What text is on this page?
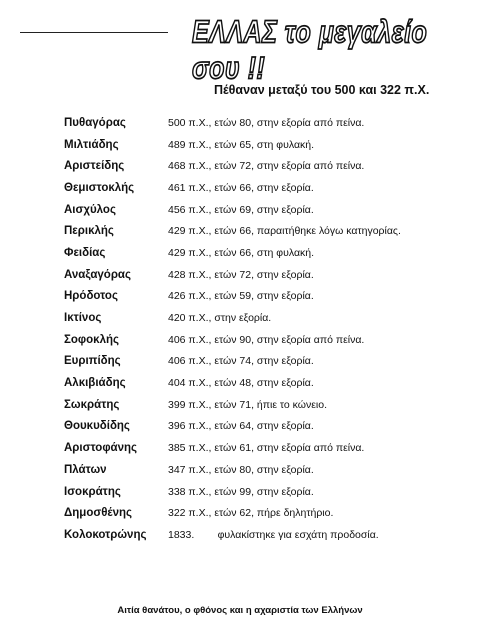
ΕΛΛΑΣ το μεγαλείο σου !!
Πέθαναν μεταξύ του 500 και 322 π.Χ.
Πυθαγόρας	500 π.Χ., ετών 80, στην εξορία από πείνα.
Μιλτιάδης	489 π.Χ., ετών 65, στη φυλακή.
Αριστείδης	468 π.Χ., ετών 72, στην εξορία από πείνα.
Θεμιστοκλής	461 π.Χ., ετών 66, στην εξορία.
Αισχύλος	456 π.Χ., ετών 69, στην εξορία.
Περικλής	429 π.Χ., ετών 66, παραιτήθηκε λόγω κατηγορίας.
Φειδίας	429 π.Χ., ετών 66, στη φυλακή.
Αναξαγόρας	428 π.Χ., ετών 72, στην εξορία.
Ηρόδοτος	426 π.Χ., ετών 59, στην εξορία.
Ικτίνος	420 π.Χ., στην εξορία.
Σοφοκλής	406 π.Χ., ετών 90, στην εξορία από πείνα.
Ευριπίδης	406 π.Χ., ετών 74, στην εξορία.
Αλκιβιάδης	404 π.Χ., ετών 48, στην εξορία.
Σωκράτης	399 π.Χ., ετών 71, ήπιε το κώνειο.
Θουκυδίδης	396 π.Χ., ετών 64, στην εξορία.
Αριστοφάνης	385 π.Χ., ετών 61, στην εξορία από πείνα.
Πλάτων	347 π.Χ., ετών 80, στην εξορία.
Ισοκράτης	338 π.Χ., ετών 99, στην εξορία.
Δημοσθένης	322 π.Χ., ετών 62, πήρε δηλητήριο.
Κολοκοτρώνης	1833.        φυλακίστηκε για εσχάτη προδοσία.
Αιτία θανάτου, ο φθόνος και η αχαριστία των Ελλήνων
